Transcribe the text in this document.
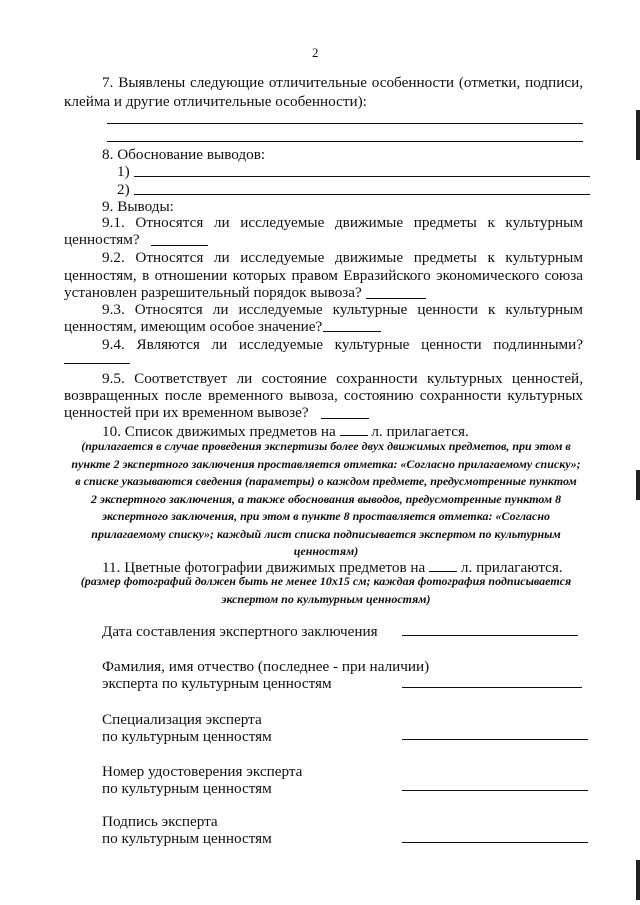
2
7. Выявлены следующие отличительные особенности (отметки, подписи,
клейма и другие отличительные особенности):
8. Обоснование выводов:
1)
2)
9. Выводы:
9.1. Относятся ли исследуемые движимые предметы к культурным
ценностям?
9.2. Относятся ли исследуемые движимые предметы к культурным
ценностям, в отношении которых правом Евразийского экономического союза
установлен разрешительный порядок вывоза?
9.3. Относятся ли исследуемые культурные ценности к культурным
ценностям, имеющим особое значение?
9.4. Являются ли исследуемые культурные ценности подлинными?
9.5. Соответствует ли состояние сохранности культурных ценностей,
возвращенных после временного вывоза, состоянию сохранности культурных
ценностей при их временном вывозе?
10. Список движимых предметов на л. прилагается.
(прилагается в случае проведения экспертизы более двух движимых предметов, при этом в
пункте 2 экспертного заключения проставляется отметка: «Согласно прилагаемому списку»;
в списке указываются сведения (параметры) о каждом предмете, предусмотренные пунктом
2 экспертного заключения, а также обоснования выводов, предусмотренные пунктом 8
экспертного заключения, при этом в пункте 8 проставляется отметка: «Согласно
прилагаемому списку»; каждый лист списка подписывается экспертом по культурным
ценностям)
11. Цветные фотографии движимых предметов на л. прилагаются.
(размер фотографий должен быть не менее 10х15 см; каждая фотография подписывается
экспертом по культурным ценностям)
Дата составления экспертного заключения
Фамилия, имя отчество (последнее - при наличии)
эксперта по культурным ценностям
Специализация эксперта
по культурным ценностям
Номер удостоверения эксперта
по культурным ценностям
Подпись эксперта
по культурным ценностям
